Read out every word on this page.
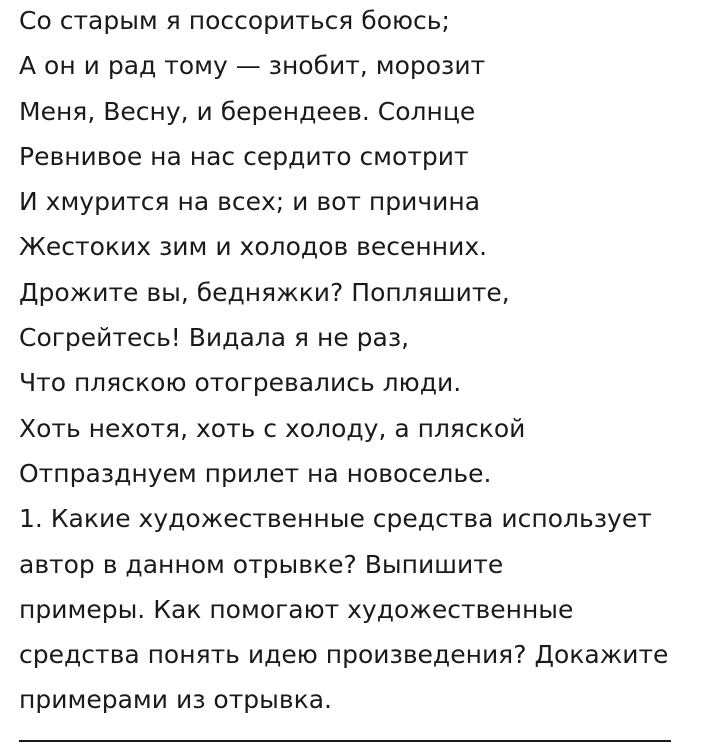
Со старым я поссориться боюсь;
А он и рад тому — знобит, морозит
Меня, Весну, и берендеев. Солнце
Ревнивое на нас сердито смотрит
И хмурится на всех; и вот причина
Жестоких зим и холодов весенних.
Дрожите вы, бедняжки? Попляшите,
Согрейтесь! Видала я не раз,
Что пляскою отогревались люди.
Хоть нехотя, хоть с холоду, а пляской
Отпразднуем прилет на новоселье.
1. Какие художественные средства использует
автор в данном отрывке? Выпишите
примеры. Как помогают художественные
средства понять идею произведения? Докажите
примерами из отрывка.
